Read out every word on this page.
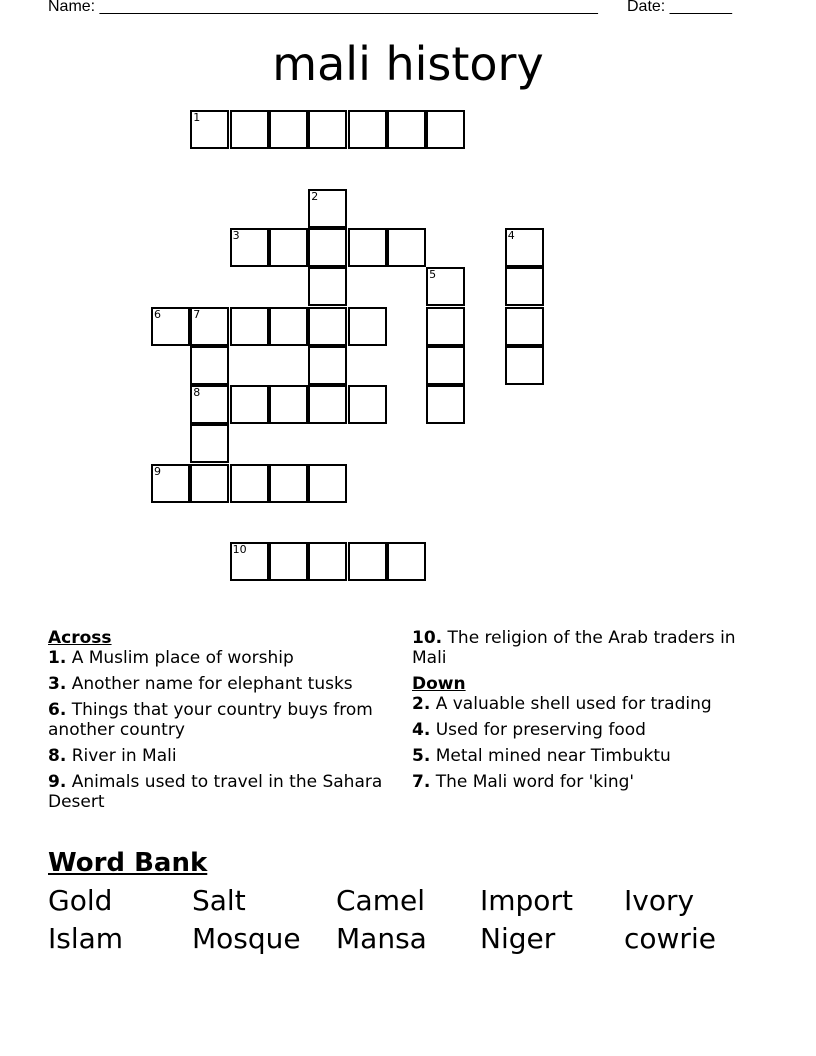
Name: ________________________________________________________ Date: _______
mali history
1
2
3	4
5
6	7
8
9
10

Across

1. A Muslim place of worship

3. Another name for elephant tusks

6. Things that your country buys from another country

8. River in Mali

9. Animals used to travel in the Sahara Desert

10. The religion of the Arab traders in Mali

Down

2. A valuable shell used for trading

4. Used for preserving food

5. Metal mined near Timbuktu

7. The Mali word for 'king'

Word Bank
Gold	Salt	Camel Import Ivory
Islam Mosque Mansa Niger cowrie
